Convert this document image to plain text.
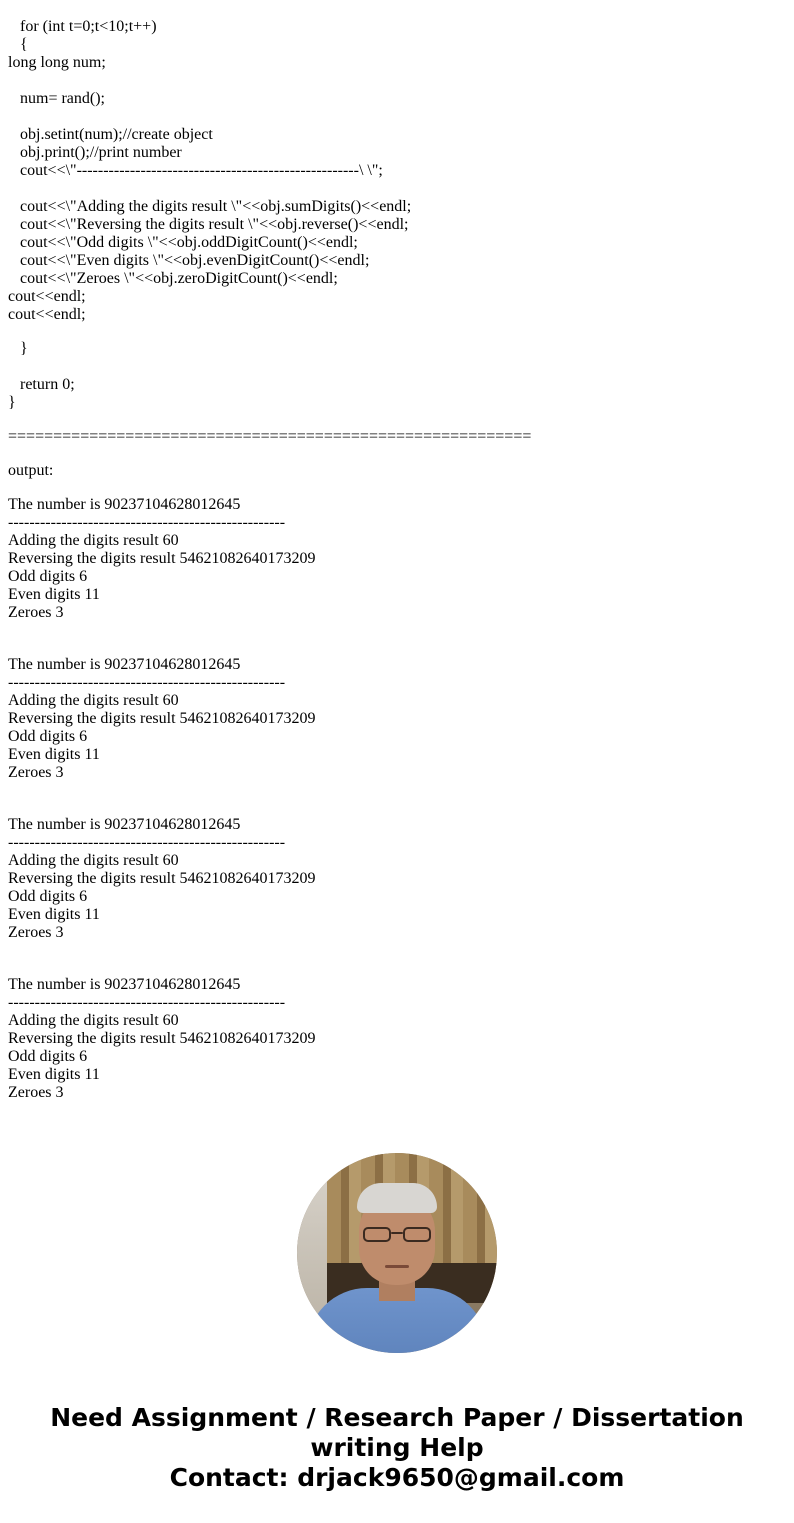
for (int t=0;t<10;t++)
{
long long num;
num= rand();
obj.setint(num);//create object
obj.print();//print number
cout<<\"-----------------------------------------------------\ \";
cout<<\"Adding the digits result \"<<obj.sumDigits()<<endl;
cout<<\"Reversing the digits result \"<<obj.reverse()<<endl;
cout<<\"Odd digits \"<<obj.oddDigitCount()<<endl;
cout<<\"Even digits \"<<obj.evenDigitCount()<<endl;
cout<<\"Zeroes \"<<obj.zeroDigitCount()<<endl;
cout<<endl;
cout<<endl;
}
return 0;
}
==========================================================
output:
The number is 90237104628012645
----------------------------------------------------
Adding the digits result 60
Reversing the digits result 54621082640173209
Odd digits 6
Even digits 11
Zeroes 3
The number is 90237104628012645
----------------------------------------------------
Adding the digits result 60
Reversing the digits result 54621082640173209
Odd digits 6
Even digits 11
Zeroes 3
The number is 90237104628012645
----------------------------------------------------
Adding the digits result 60
Reversing the digits result 54621082640173209
Odd digits 6
Even digits 11
Zeroes 3
The number is 90237104628012645
----------------------------------------------------
Adding the digits result 60
Reversing the digits result 54621082640173209
Odd digits 6
Even digits 11
Zeroes 3
Need Assignment / Research Paper / Dissertation
writing Help
Contact: drjack9650@gmail.com
